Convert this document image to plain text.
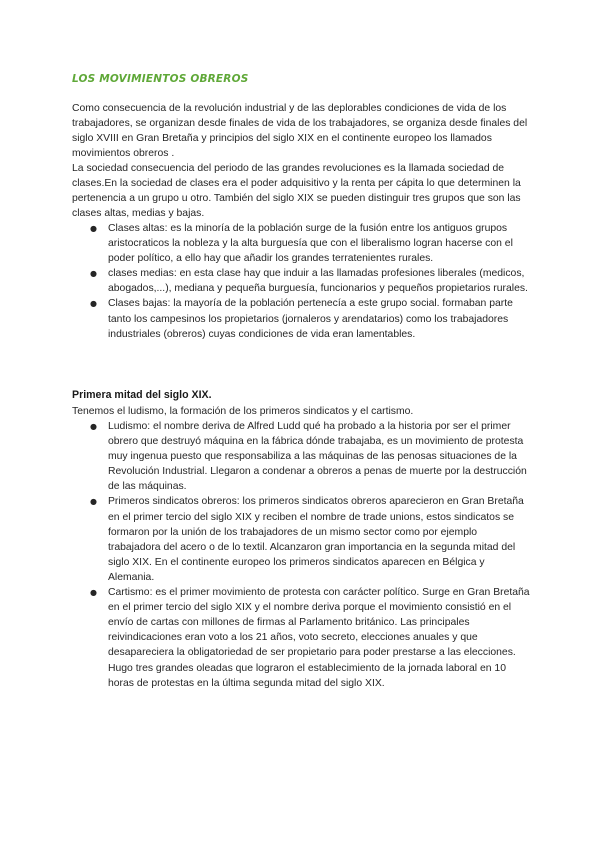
LOS MOVIMIENTOS OBREROS

Como consecuencia de la revolución industrial y de las deplorables condiciones de vida de los trabajadores, se organizan desde finales de vida de los trabajadores, se organiza desde finales del siglo XVIII en Gran Bretaña y principios del siglo XIX en el continente europeo los llamados movimientos obreros .

La sociedad consecuencia del periodo de las grandes revoluciones es la llamada sociedad de clases.En la sociedad de clases era el poder adquisitivo y la renta per cápita lo que determinen la pertenencia a un grupo u otro. También del siglo XIX se pueden distinguir tres grupos que son las clases altas, medias y bajas.

● Clases altas: es la minoría de la población surge de la fusión entre los antiguos grupos aristocraticos la nobleza y la alta burguesía que con el liberalismo logran hacerse con el poder político, a ello hay que añadir los grandes terratenientes rurales.
● clases medias: en esta clase hay que induir a las llamadas profesiones liberales (medicos, abogados,...), mediana y pequeña burguesía, funcionarios y pequeños propietarios rurales.
● Clases bajas: la mayoría de la población pertenecía a este grupo social. formaban parte tanto los campesinos los propietarios (jornaleros y arendatarios) como los trabajadores industriales (obreros) cuyas condiciones de vida eran lamentables.
Primera mitad del siglo XIX.

Tenemos el ludismo, la formación de los primeros sindicatos y el cartismo.

● Ludismo: el nombre deriva de Alfred Ludd qué ha probado a la historia por ser el primer obrero que destruyó máquina en la fábrica dónde trabajaba, es un movimiento de protesta muy ingenua puesto que responsabiliza a las máquinas de las penosas situaciones de la Revolución Industrial. Llegaron a condenar a obreros a penas de muerte por la destrucción de las máquinas.
● Primeros sindicatos obreros: los primeros sindicatos obreros aparecieron en Gran Bretaña en el primer tercio del siglo XIX y reciben el nombre de trade unions, estos sindicatos se formaron por la unión de los trabajadores de un mismo sector como por ejemplo trabajadora del acero o de lo textil. Alcanzaron gran importancia en la segunda mitad del siglo XIX. En el continente europeo los primeros sindicatos aparecen en Bélgica y Alemania.
● Cartismo: es el primer movimiento de protesta con carácter político. Surge en Gran Bretaña en el primer tercio del siglo XIX y el nombre deriva porque el movimiento consistió en el envío de cartas con millones de firmas al Parlamento británico. Las principales reivindicaciones eran voto a los 21 años, voto secreto, elecciones anuales y que desapareciera la obligatoriedad de ser propietario para poder prestarse a las elecciones. Hugo tres grandes oleadas que lograron el establecimiento de la jornada laboral en 10 horas de protestas en la última segunda mitad del siglo XIX.
